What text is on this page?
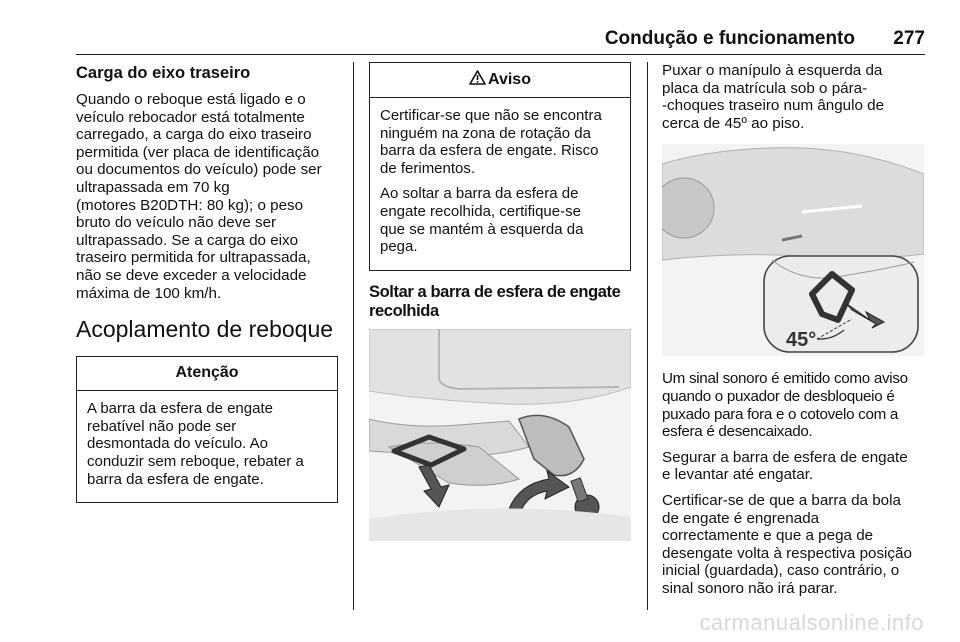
Condução e funcionamento 277
Carga do eixo traseiro

Quando o reboque está ligado e o
veículo rebocador está totalmente
carregado, a carga do eixo traseiro
permitida (ver placa de identificação
ou documentos do veículo) pode ser
ultrapassada em 70 kg
(motores B20DTH: 80 kg); o peso
bruto do veículo não deve ser
ultrapassado. Se a carga do eixo
traseiro permitida for ultrapassada,
não se deve exceder a velocidade
máxima de 100 km/h.

Acoplamento de reboque
Atenção

A barra da esfera de engate
rebatível não pode ser
desmontada do veículo. Ao
conduzir sem reboque, rebater a
barra da esfera de engate.

Aviso

Certificar-se que não se encontra
ninguém na zona de rotação da
barra da esfera de engate. Risco
de ferimentos.

Ao soltar a barra da esfera de
engate recolhida, certifique-se
que se mantém à esquerda da
pega.

Soltar a barra de esfera de engate
recolhida

Puxar o manípulo à esquerda da
placa da matrícula sob o pára-
-choques traseiro num ângulo de
cerca de 45º ao piso.

45°

Um sinal sonoro é emitido como aviso
quando o puxador de desbloqueio é
puxado para fora e o cotovelo com a
esfera é desencaixado.

Segurar a barra de esfera de engate
e levantar até engatar.

Certificar-se de que a barra da bola
de engate é engrenada
correctamente e que a pega de
desengate volta à respectiva posição
inicial (guardada), caso contrário, o
sinal sonoro não irá parar.

carmanualsonline.info
